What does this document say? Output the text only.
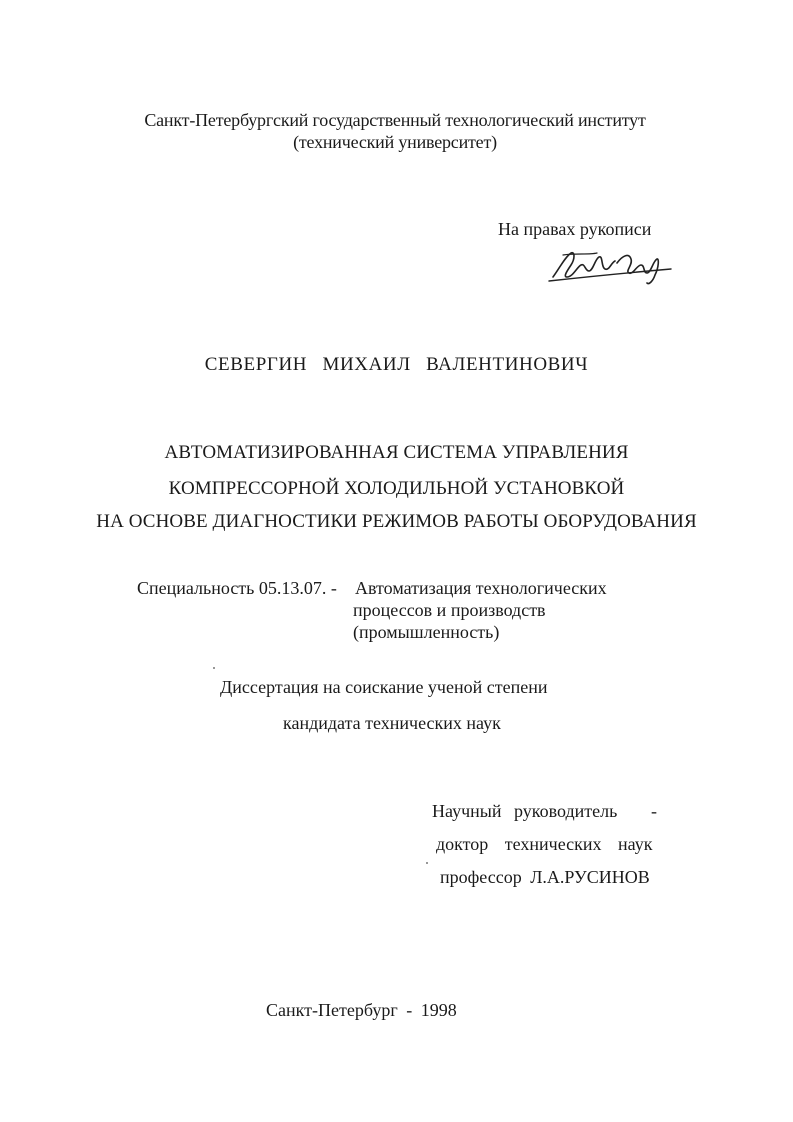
Санкт-Петербургский государственный технологический институт
(технический университет)
На правах рукописи
СЕВЕРГИН МИХАИЛ ВАЛЕНТИНОВИЧ
АВТОМАТИЗИРОВАННАЯ СИСТЕМА УПРАВЛЕНИЯ
КОМПРЕССОРНОЙ ХОЛОДИЛЬНОЙ УСТАНОВКОЙ
НА ОСНОВЕ ДИАГНОСТИКИ РЕЖИМОВ РАБОТЫ ОБОРУДОВАНИЯ
Специальность 05.13.07. - Автоматизация технологических
процессов и производств
(промышленность)
Диссертация на соискание ученой степени
кандидата технических наук
Научный руководитель -
доктор технических наук
профессор Л.А.РУСИНОВ
Санкт-Петербург - 1998
